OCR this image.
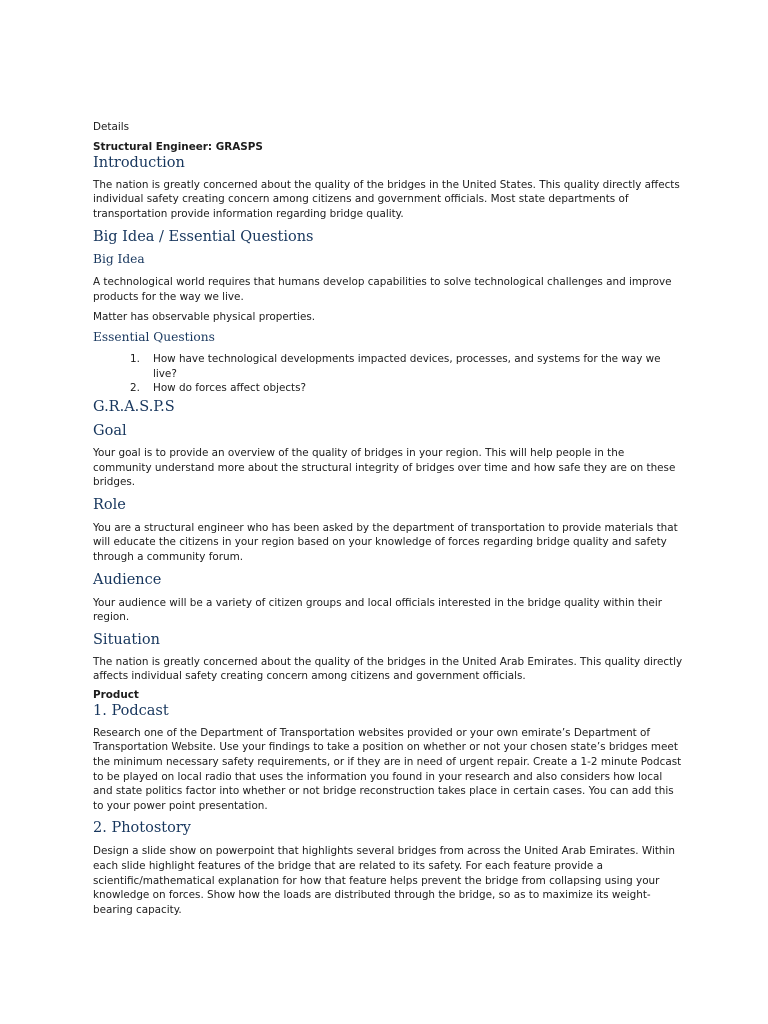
Details

Structural Engineer: GRASPS

Introduction

The nation is greatly concerned about the quality of the bridges in the United States. This quality directly affects individual safety creating concern among citizens and government officials. Most state departments of transportation provide information regarding bridge quality.

Big Idea / Essential Questions
Big Idea

A technological world requires that humans develop capabilities to solve technological challenges and improve products for the way we live.

Matter has observable physical properties.

Essential Questions
1. How have technological developments impacted devices, processes, and systems for the way we live?
2. How do forces affect objects?
G.R.A.S.P.S
Goal

Your goal is to provide an overview of the quality of bridges in your region. This will help people in the community understand more about the structural integrity of bridges over time and how safe they are on these bridges.

Role

You are a structural engineer who has been asked by the department of transportation to provide materials that will educate the citizens in your region based on your knowledge of forces regarding bridge quality and safety through a community forum.

Audience

Your audience will be a variety of citizen groups and local officials interested in the bridge quality within their region.

Situation

The nation is greatly concerned about the quality of the bridges in the United Arab Emirates. This quality directly affects individual safety creating concern among citizens and government officials.

Product

1. Podcast

Research one of the Department of Transportation websites provided or your own emirate’s Department of Transportation Website. Use your findings to take a position on whether or not your chosen state’s bridges meet the minimum necessary safety requirements, or if they are in need of urgent repair. Create a 1-2 minute Podcast to be played on local radio that uses the information you found in your research and also considers how local and state politics factor into whether or not bridge reconstruction takes place in certain cases. You can add this to your power point presentation.

2. Photostory

Design a slide show on powerpoint that highlights several bridges from across the United Arab Emirates. Within each slide highlight features of the bridge that are related to its safety. For each feature provide a scientific/mathematical explanation for how that feature helps prevent the bridge from collapsing using your knowledge on forces. Show how the loads are distributed through the bridge, so as to maximize its weight-bearing capacity.
